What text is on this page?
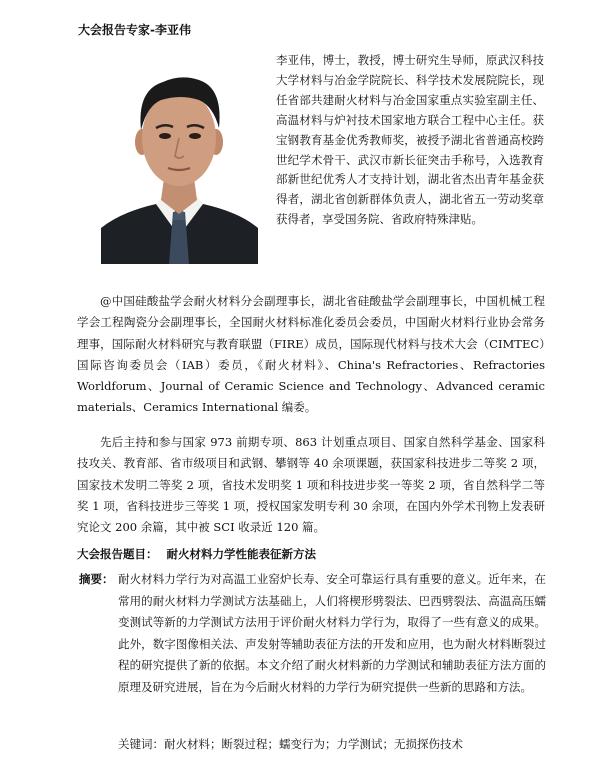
大会报告专家-李亚伟
李亚伟，博士，教授，博士研究生导师，原武汉科技大学材料与冶金学院院长、科学技术发展院院长，现任省部共建耐火材料与冶金国家重点实验室副主任、高温材料与炉衬技术国家地方联合工程中心主任。获宝钢教育基金优秀教师奖，被授予湖北省普通高校跨世纪学术骨干、武汉市新长征突击手称号，入选教育部新世纪优秀人才支持计划，湖北省杰出青年基金获得者，湖北省创新群体负责人，湖北省五一劳动奖章获得者，享受国务院、省政府特殊津贴。
@中国硅酸盐学会耐火材料分会副理事长，湖北省硅酸盐学会副理事长，中国机械工程学会工程陶瓷分会副理事长，全国耐火材料标准化委员会委员，中国耐火材料行业协会常务理事，国际耐火材料研究与教育联盟（FIRE）成员，国际现代材料与技术大会（CIMTEC）国际咨询委员会（IAB）委员，《耐火材料》、China's Refractories、Refractories Worldforum、Journal of Ceramic Science and Technology、Advanced ceramic materials、Ceramics International 编委。
先后主持和参与国家 973 前期专项、863 计划重点项目、国家自然科学基金、国家科技攻关、教育部、省市级项目和武钢、攀钢等 40 余项课题，获国家科技进步二等奖 2 项，国家技术发明二等奖 2 项，省技术发明奖 1 项和科技进步奖一等奖 2 项，省自然科学二等奖 1 项，省科技进步三等奖 1 项，授权国家发明专利 30 余项，在国内外学术刊物上发表研究论文 200 余篇，其中被 SCI 收录近 120 篇。
大会报告题目： 耐火材料力学性能表征新方法
摘要： 耐火材料力学行为对高温工业窑炉长寿、安全可靠运行具有重要的意义。近年来，在常用的耐火材料力学测试方法基础上，人们将楔形劈裂法、巴西劈裂法、高温高压蠕变测试等新的力学测试方法用于评价耐火材料力学行为，取得了一些有意义的成果。此外，数字图像相关法、声发射等辅助表征方法的开发和应用，也为耐火材料断裂过程的研究提供了新的依据。本文介绍了耐火材料新的力学测试和辅助表征方法方面的原理及研究进展，旨在为今后耐火材料的力学行为研究提供一些新的思路和方法。
关键词：耐火材料；断裂过程；蠕变行为；力学测试；无损探伤技术
